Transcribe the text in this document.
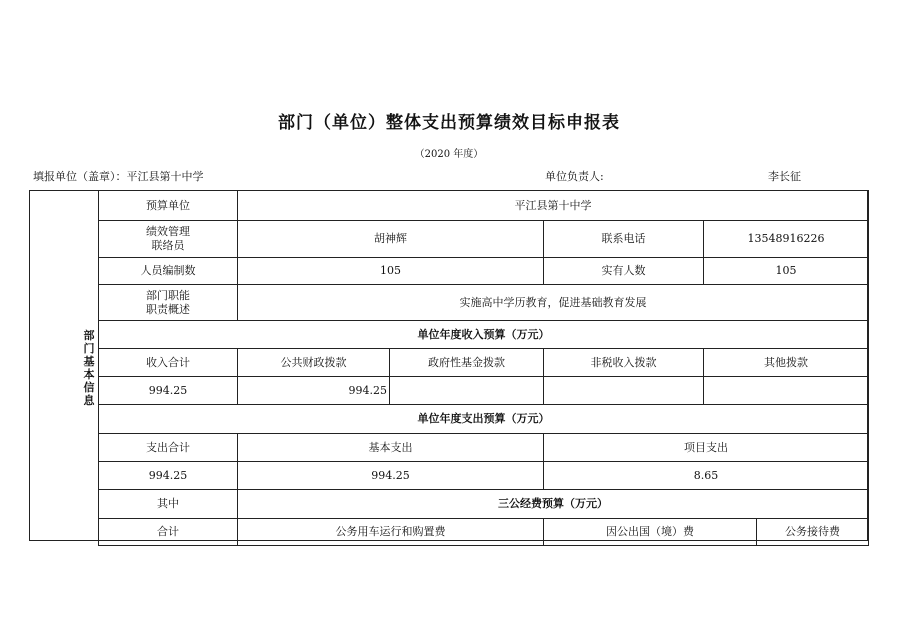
部门（单位）整体支出预算绩效目标申报表
（2020 年度）
填报单位（盖章）：平江县第十中学	单位负责人:	李长征
部门基本信息
预算单位	平江县第十中学				

绩效管理
联络员	胡神辉		联系电话	13548916226	
人员编制数	105		实有人数	105	

部门职能
职责概述	实施高中学历教育，促进基础教育发展				
单位年度收入预算（万元）					
收入合计	公共财政拨款	政府性基金拨款	非税收入拨款	其他拨款	
994.25	994.25				
单位年度支出预算（万元）					
支出合计	基本支出		项目支出		
994.25	994.25		8.65		
其中	三公经费预算（万元）				
合计	公务用车运行和购置费		因公出国（境）费		公务接待费
